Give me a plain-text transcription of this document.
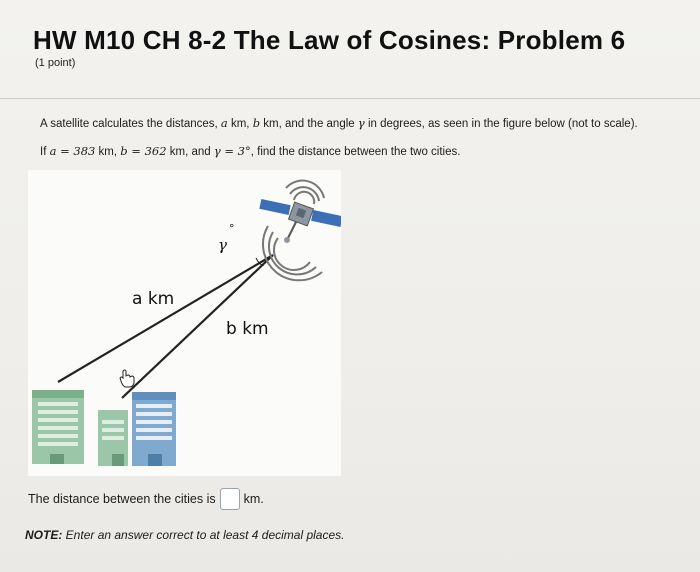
HW M10 CH 8-2 The Law of Cosines: Problem 6
(1 point)
A satellite calculates the distances, a km, b km, and the angle γ in degrees, as seen in the figure below (not to scale).
If a = 383 km, b = 362 km, and γ = 3°, find the distance between the two cities.
a km
b km
γ
°
The distance between the cities is km.
NOTE: Enter an answer correct to at least 4 decimal places.
